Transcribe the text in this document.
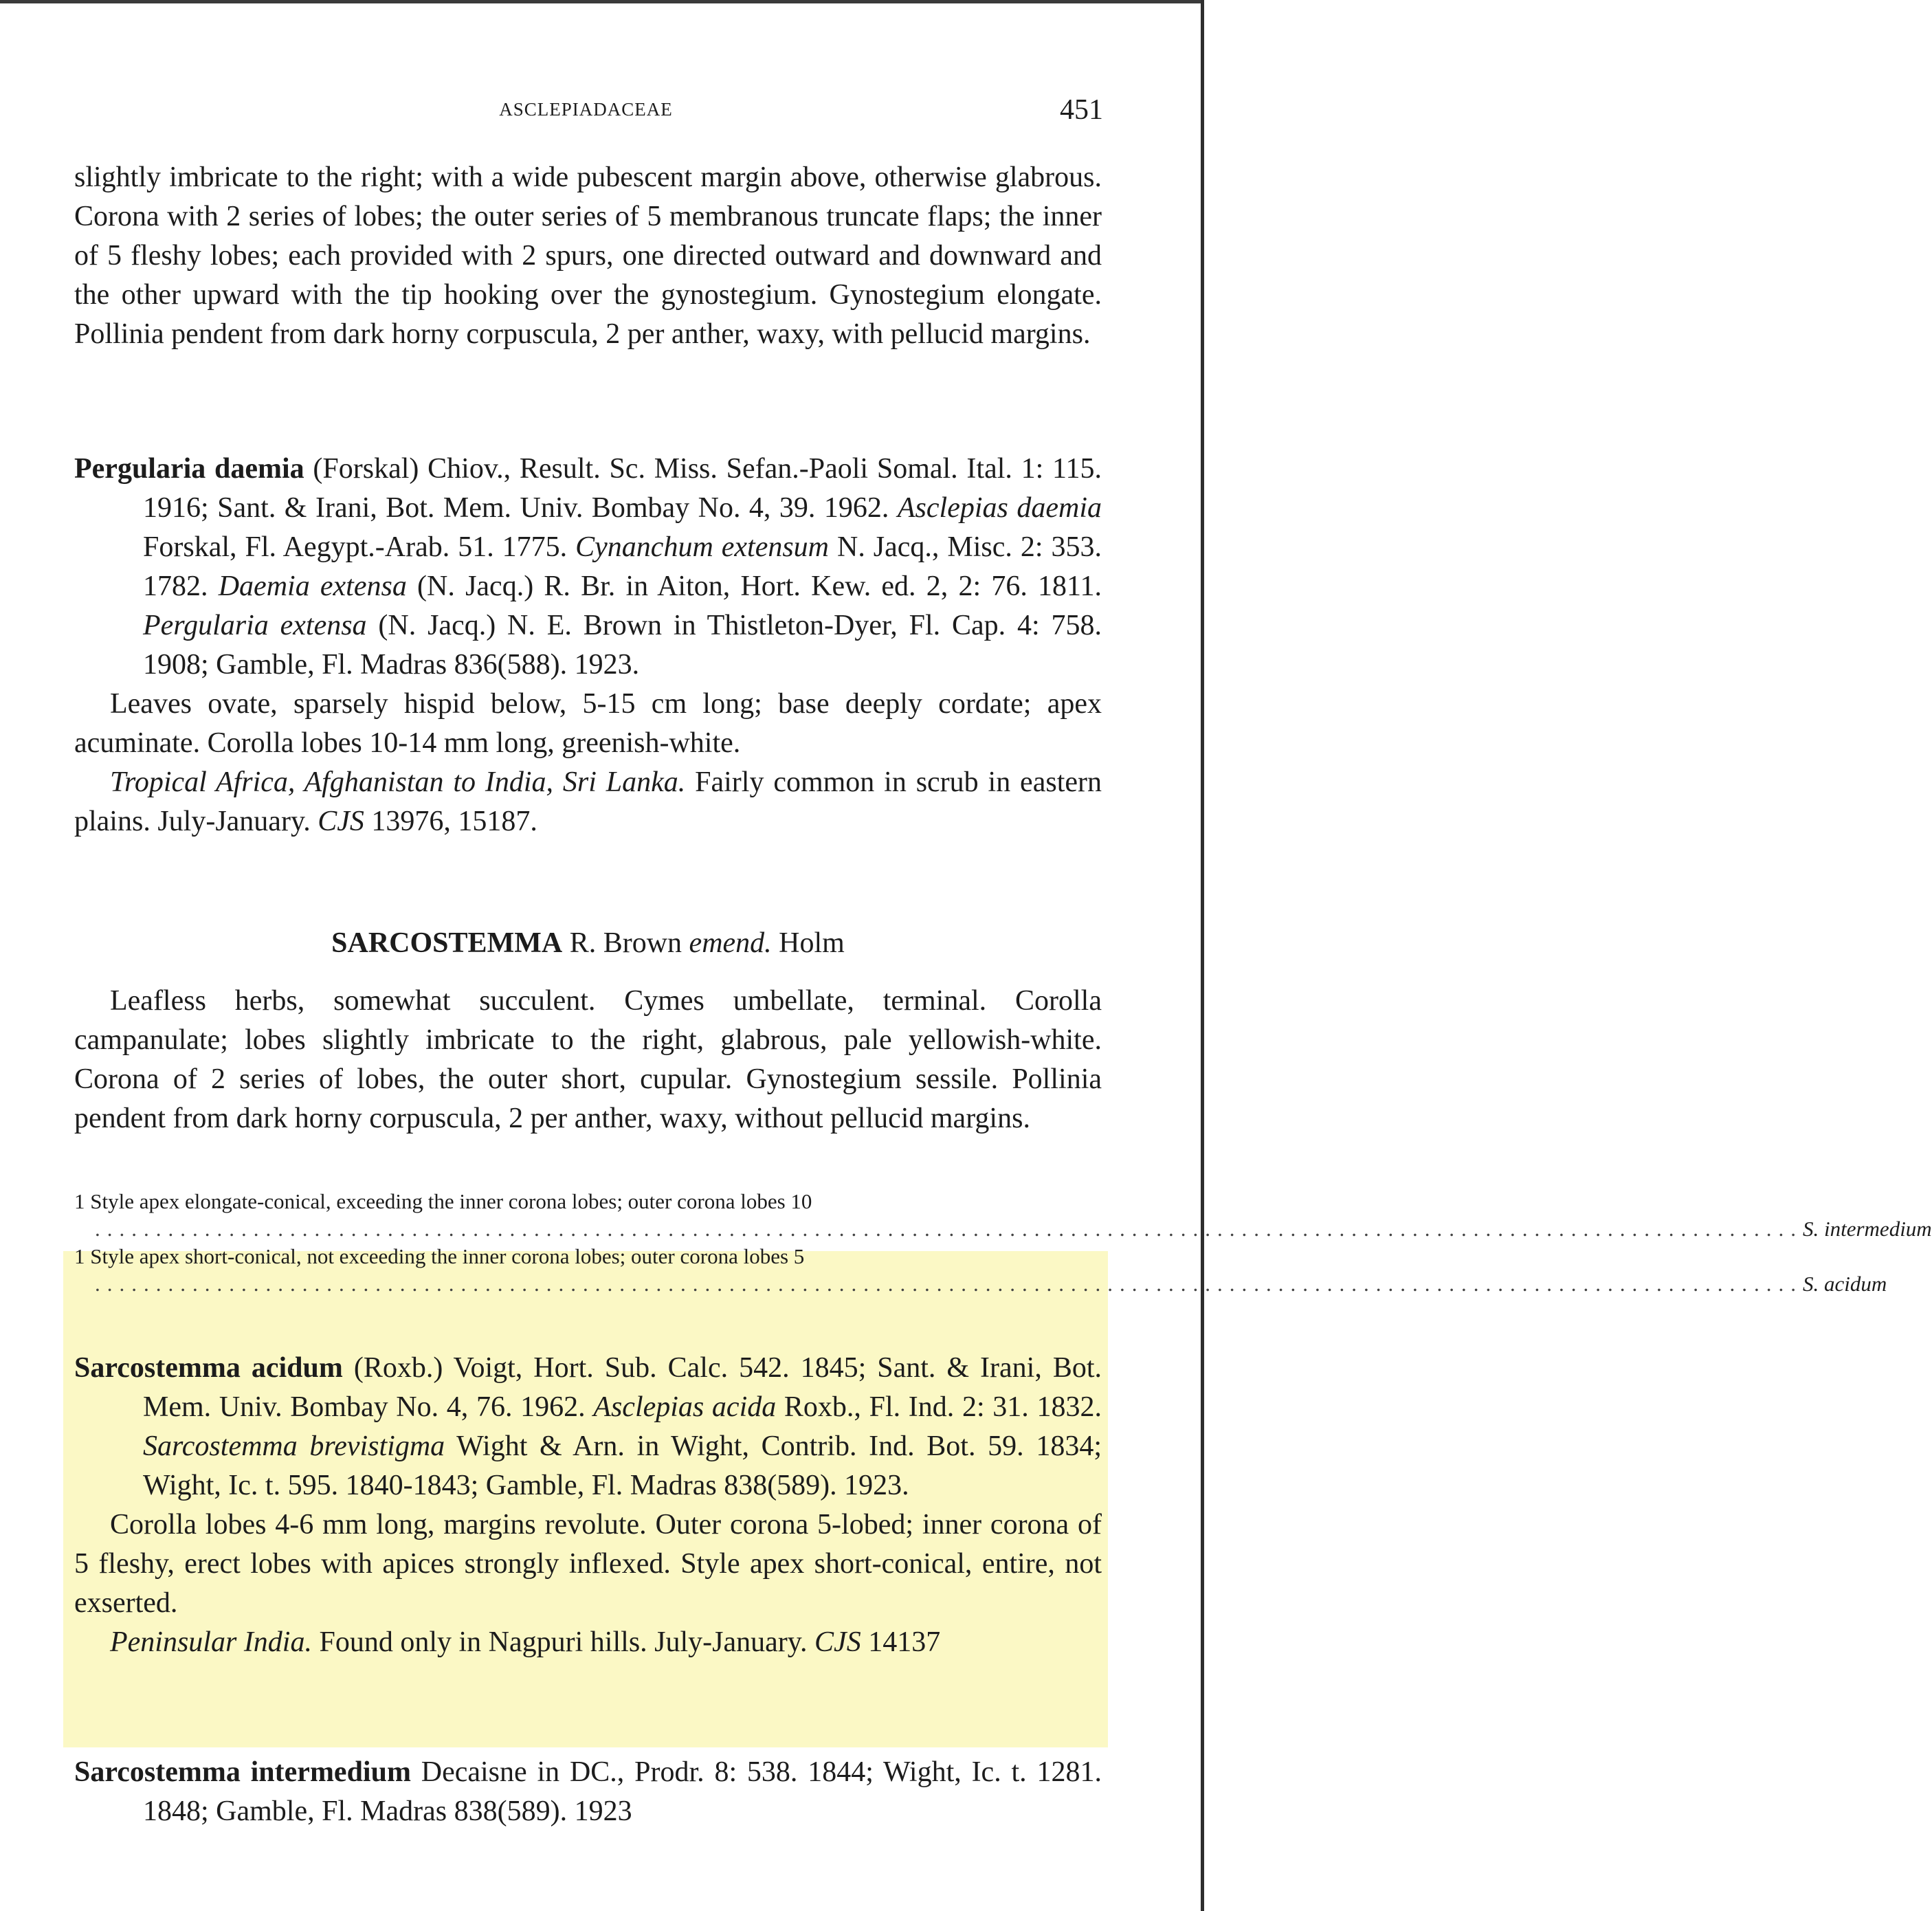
ASCLEPIADACEAE	451

slightly imbricate to the right; with a wide pubescent margin above, otherwise glabrous. Corona with 2 series of lobes; the outer series of 5 membranous truncate flaps; the inner of 5 fleshy lobes; each provided with 2 spurs, one directed outward and downward and the other upward with the tip hooking over the gynostegium. Gynostegium elongate. Pollinia pendent from dark horny corpuscula, 2 per anther, waxy, with pellucid margins.

Pergularia daemia (Forskal) Chiov., Result. Sc. Miss. Sefan.-Paoli Somal. Ital. 1: 115. 1916; Sant. & Irani, Bot. Mem. Univ. Bombay No. 4, 39. 1962. Asclepias daemia Forskal, Fl. Aegypt.-Arab. 51. 1775. Cynanchum extensum N. Jacq., Misc. 2: 353. 1782. Daemia extensa (N. Jacq.) R. Br. in Aiton, Hort. Kew. ed. 2, 2: 76. 1811. Pergularia extensa (N. Jacq.) N. E. Brown in Thistleton-Dyer, Fl. Cap. 4: 758. 1908; Gamble, Fl. Madras 836(588). 1923.

Leaves ovate, sparsely hispid below, 5-15 cm long; base deeply cordate; apex acuminate. Corolla lobes 10-14 mm long, greenish-white.

Tropical Africa, Afghanistan to India, Sri Lanka. Fairly common in scrub in eastern plains. July-January. CJS 13976, 15187.

SARCOSTEMMA R. Brown emend. Holm

Leafless herbs, somewhat succulent. Cymes umbellate, terminal. Corolla campanulate; lobes slightly imbricate to the right, glabrous, pale yellowish-white. Corona of 2 series of lobes, the outer short, cupular. Gynostegium sessile. Pollinia pendent from dark horny corpuscula, 2 per anther, waxy, without pellucid margins.

1 Style apex elongate-conical, exceeding the inner corona lobes; outer corona lobes 10
............................................................................................................................................ S. intermedium
1 Style apex short-conical, not exceeding the inner corona lobes; outer corona lobes 5
............................................................................................................................................ S. acidum

Sarcostemma acidum (Roxb.) Voigt, Hort. Sub. Calc. 542. 1845; Sant. & Irani, Bot. Mem. Univ. Bombay No. 4, 76. 1962. Asclepias acida Roxb., Fl. Ind. 2: 31. 1832. Sarcostemma brevistigma Wight & Arn. in Wight, Contrib. Ind. Bot. 59. 1834; Wight, Ic. t. 595. 1840-1843; Gamble, Fl. Madras 838(589). 1923.

Corolla lobes 4-6 mm long, margins revolute. Outer corona 5-lobed; inner corona of 5 fleshy, erect lobes with apices strongly inflexed. Style apex short-conical, entire, not exserted.

Peninsular India. Found only in Nagpuri hills. July-January. CJS 14137

Sarcostemma intermedium Decaisne in DC., Prodr. 8: 538. 1844; Wight, Ic. t. 1281. 1848; Gamble, Fl. Madras 838(589). 1923
